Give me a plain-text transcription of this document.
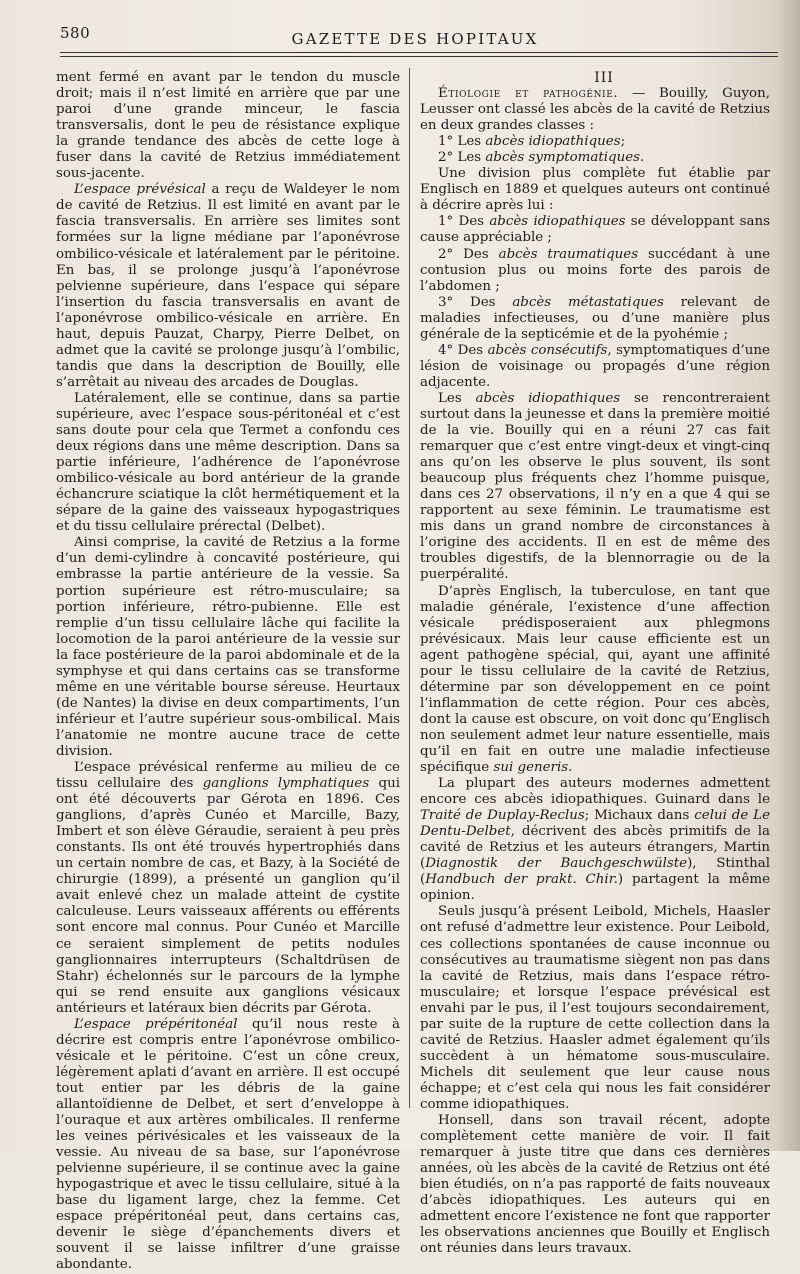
580	GAZETTE DES HOPITAUX

ment fermé en avant par le tendon du muscle droit; mais il n’est limité en arrière que par une paroi d’une grande minceur, le fascia transversalis, dont le peu de résistance explique la grande tendance des abcès de cette loge à fuser dans la cavité de Retzius immédiatement sous-jacente.

L’espace prévésical a reçu de Waldeyer le nom de cavité de Retzius. Il est limité en avant par le fascia transversalis. En arrière ses limites sont formées sur la ligne médiane par l’aponévrose ombilico-vésicale et latéralement par le péritoine. En bas, il se prolonge jusqu’à l’aponévrose pelvienne supérieure, dans l’espace qui sépare l’insertion du fascia transversalis en avant de l’aponévrose ombilico-vésicale en arrière. En haut, depuis Pauzat, Charpy, Pierre Delbet, on admet que la cavité se prolonge jusqu’à l’ombilic, tandis que dans la description de Bouilly, elle s’arrêtait au niveau des arcades de Douglas.

Latéralement, elle se continue, dans sa partie supérieure, avec l’espace sous-péritonéal et c’est sans doute pour cela que Termet a confondu ces deux régions dans une même description. Dans sa partie inférieure, l’adhérence de l’aponévrose ombilico-vésicale au bord antérieur de la grande échancrure sciatique la clôt hermétiquement et la sépare de la gaine des vaisseaux hypogastriques et du tissu cellulaire prérectal (Delbet).

Ainsi comprise, la cavité de Retzius a la forme d’un demi-cylindre à concavité postérieure, qui embrasse la partie antérieure de la vessie. Sa portion supérieure est rétro-musculaire; sa portion inférieure, rétro-pubienne. Elle est remplie d’un tissu cellulaire lâche qui facilite la locomotion de la paroi antérieure de la vessie sur la face postérieure de la paroi abdominale et de la symphyse et qui dans certains cas se transforme même en une véritable bourse séreuse. Heurtaux (de Nantes) la divise en deux compartiments, l’un inférieur et l’autre supérieur sous-ombilical. Mais l’anatomie ne montre aucune trace de cette division.

L’espace prévésical renferme au milieu de ce tissu cellulaire des ganglions lymphatiques qui ont été découverts par Gérota en 1896. Ces ganglions, d’après Cunéo et Marcille, Bazy, Imbert et son élève Géraudie, seraient à peu près constants. Ils ont été trouvés hypertrophiés dans un certain nombre de cas, et Bazy, à la Société de chirurgie (1899), a présenté un ganglion qu’il avait enlevé chez un malade atteint de cystite calculeuse. Leurs vaisseaux afférents ou efférents sont encore mal connus. Pour Cunéo et Marcille ce seraient simplement de petits nodules ganglionnaires interrupteurs (Schaltdrüsen de Stahr) échelonnés sur le parcours de la lymphe qui se rend ensuite aux ganglions vésicaux antérieurs et latéraux bien décrits par Gérota.

L’espace prépéritonéal qu’il nous reste à décrire est compris entre l’aponévrose ombilico-vésicale et le péritoine. C’est un cône creux, légèrement aplati d’avant en arrière. Il est occupé tout entier par les débris de la gaine allantoïdienne de Delbet, et sert d’enveloppe à l’ouraque et aux artères ombilicales. Il renferme les veines périvésicales et les vaisseaux de la vessie. Au niveau de sa base, sur l’aponévrose pelvienne supérieure, il se continue avec la gaine hypogastrique et avec le tissu cellulaire, situé à la base du ligament large, chez la femme. Cet espace prépéritonéal peut, dans certains cas, devenir le siège d’épanchements divers et souvent il se laisse infiltrer d’une graisse abondante.

III

Étiologie et pathogénie. — Bouilly, Guyon, Leusser ont classé les abcès de la cavité de Retzius en deux grandes classes :

1° Les abcès idiopathiques;

2° Les abcès symptomatiques.

Une division plus complète fut établie par Englisch en 1889 et quelques auteurs ont continué à décrire après lui :

1° Des abcès idiopathiques se développant sans cause appréciable ;

2° Des abcès traumatiques succédant à une contusion plus ou moins forte des parois de l’abdomen ;

3° Des abcès métastatiques relevant de maladies infectieuses, ou d’une manière plus générale de la septicémie et de la pyohémie ;

4° Des abcès consécutifs, symptomatiques d’une lésion de voisinage ou propagés d’une région adjacente.

Les abcès idiopathiques se rencontreraient surtout dans la jeunesse et dans la première moitié de la vie. Bouilly qui en a réuni 27 cas fait remarquer que c’est entre vingt-deux et vingt-cinq ans qu’on les observe le plus souvent, ils sont beaucoup plus fréquents chez l’homme puisque, dans ces 27 observations, il n’y en a que 4 qui se rapportent au sexe féminin. Le traumatisme est mis dans un grand nombre de circonstances à l’origine des accidents. Il en est de même des troubles digestifs, de la blennorragie ou de la puerpéralité.

D’après Englisch, la tuberculose, en tant que maladie générale, l’existence d’une affection vésicale prédisposeraient aux phlegmons prévésicaux. Mais leur cause efficiente est un agent pathogène spécial, qui, ayant une affinité pour le tissu cellulaire de la cavité de Retzius, détermine par son développement en ce point l’inflammation de cette région. Pour ces abcès, dont la cause est obscure, on voit donc qu’Englisch non seulement admet leur nature essentielle, mais qu’il en fait en outre une maladie infectieuse spécifique sui generis.

La plupart des auteurs modernes admettent encore ces abcès idiopathiques. Guinard dans le Traité de Duplay-Reclus; Michaux dans celui de Le Dentu-Delbet, décrivent des abcès primitifs de la cavité de Retzius et les auteurs étrangers, Martin (Diagnostik der Bauchgeschwülste), Stinthal (Handbuch der prakt. Chir.) partagent la même opinion.

Seuls jusqu’à présent Leibold, Michels, Haasler ont refusé d’admettre leur existence. Pour Leibold, ces collections spontanées de cause inconnue ou consécutives au traumatisme siègent non pas dans la cavité de Retzius, mais dans l’espace rétro-musculaire; et lorsque l’espace prévésical est envahi par le pus, il l’est toujours secondairement, par suite de la rupture de cette collection dans la cavité de Retzius. Haasler admet également qu’ils succèdent à un hématome sous-musculaire. Michels dit seulement que leur cause nous échappe; et c’est cela qui nous les fait considérer comme idiopathiques.

Honsell, dans son travail récent, adopte complètement cette manière de voir. Il fait remarquer à juste titre que dans ces dernières années, où les abcès de la cavité de Retzius ont été bien étudiés, on n’a pas rapporté de faits nouveaux d’abcès idiopathiques. Les auteurs qui en admettent encore l’existence ne font que rapporter les observations anciennes que Bouilly et Englisch ont réunies dans leurs travaux.
